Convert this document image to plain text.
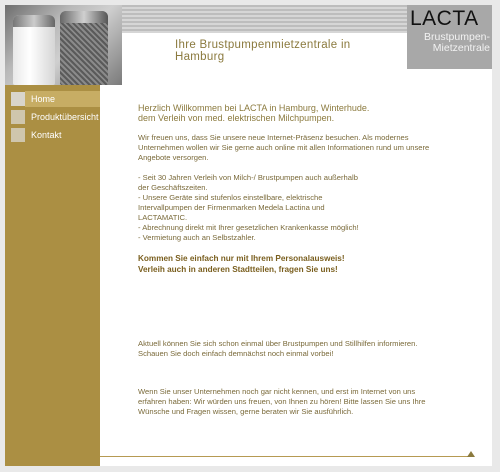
Ihre Brustpumpenmietzentrale in Hamburg
LACTA
Brustpumpen-
Mietzentrale
Home
Produktübersicht
Kontakt
Herzlich Willkommen bei LACTA in Hamburg, Winterhude.
dem Verleih von med. elektrischen Milchpumpen.
Wir freuen uns, dass Sie unsere neue Internet-Präsenz besuchen. Als modernes
Unternehmen wollen wir Sie gerne auch online mit allen Informationen rund um unsere
Angebote versorgen.
- Seit 30 Jahren Verleih von Milch-/ Brustpumpen auch außerhalb
der Geschäftszeiten.
- Unsere Geräte sind stufenlos einstellbare, elektrische
Intervallpumpen der Firmenmarken Medela Lactina und
LACTAMATIC.
- Abrechnung direkt mit Ihrer gesetzlichen Krankenkasse möglich!
- Vermietung auch an Selbstzahler.
Kommen Sie einfach nur mit Ihrem Personalausweis!
Verleih auch in anderen Stadtteilen, fragen Sie uns!
Aktuell können Sie sich schon einmal über Brustpumpen und Stillhilfen informieren.
Schauen Sie doch einfach demnächst noch einmal vorbei!
Wenn Sie unser Unternehmen noch gar nicht kennen, und erst im Internet von uns
erfahren haben: Wir würden uns freuen, von Ihnen zu hören! Bitte lassen Sie uns Ihre
Wünsche und Fragen wissen, gerne beraten wir Sie ausführlich.
